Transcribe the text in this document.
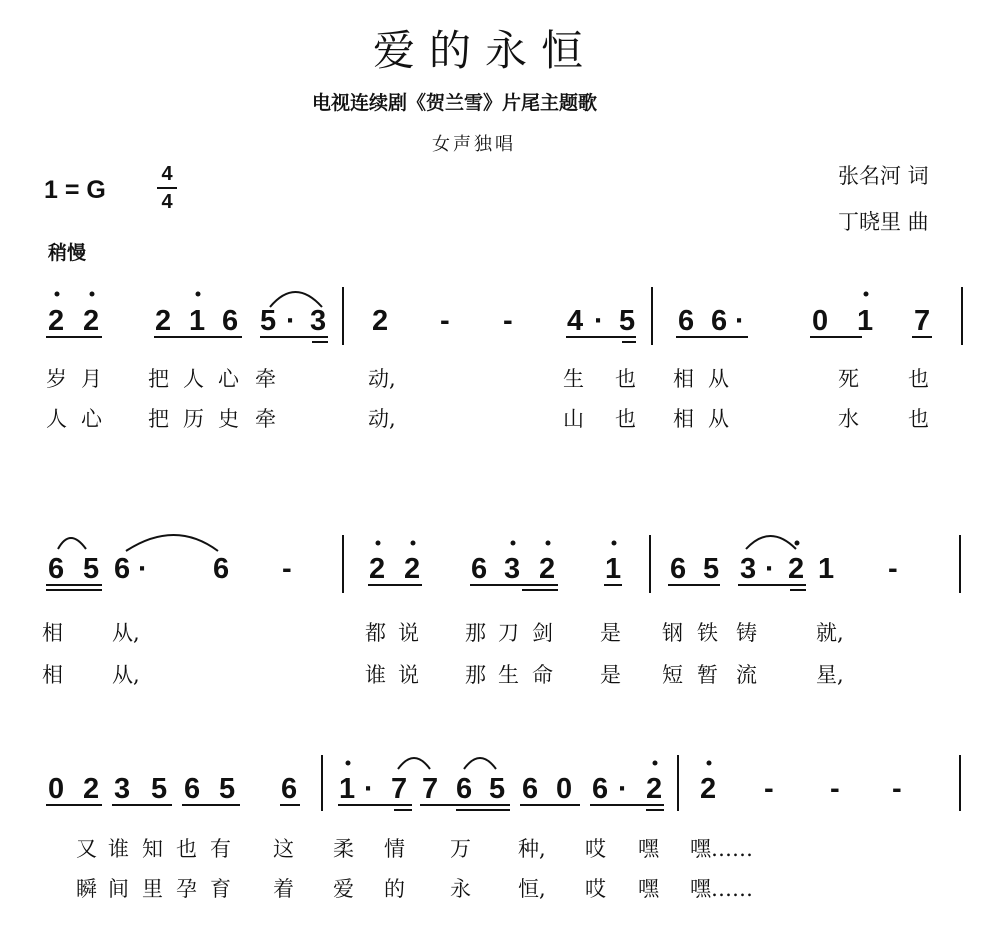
爱的永恒
电视连续剧《贺兰雪》片尾主题歌
女声独唱
张名河 词
丁晓里 曲
1 = G
4
4
稍慢
2 2 2 1 6 5 · 3 2 - - 4 · 5 6 6 · 0 1 7
岁 月 把 人 心 牵	动,	生 也 相 从	死 也
人 心 把 历 史 牵	动,	山 也 相 从	水 也
6 5 6 · 6 -	2 2 6 3 2 1 6 5 3 · 2 1 -
相 从,	都 说 那 刀 剑 是 钢 铁 铸	就,
相 从,	谁 说 那 生 命 是 短 暂 流	星,
0 2 3 5 6 5 6 1 · 7 7 6 5 6 0 6 · 2 2 - - -
又 谁 知 也 有 这 柔 情 万 种, 哎 嘿 嘿……
瞬 间 里 孕 育 着 爱 的 永 恒, 哎 嘿 嘿……
